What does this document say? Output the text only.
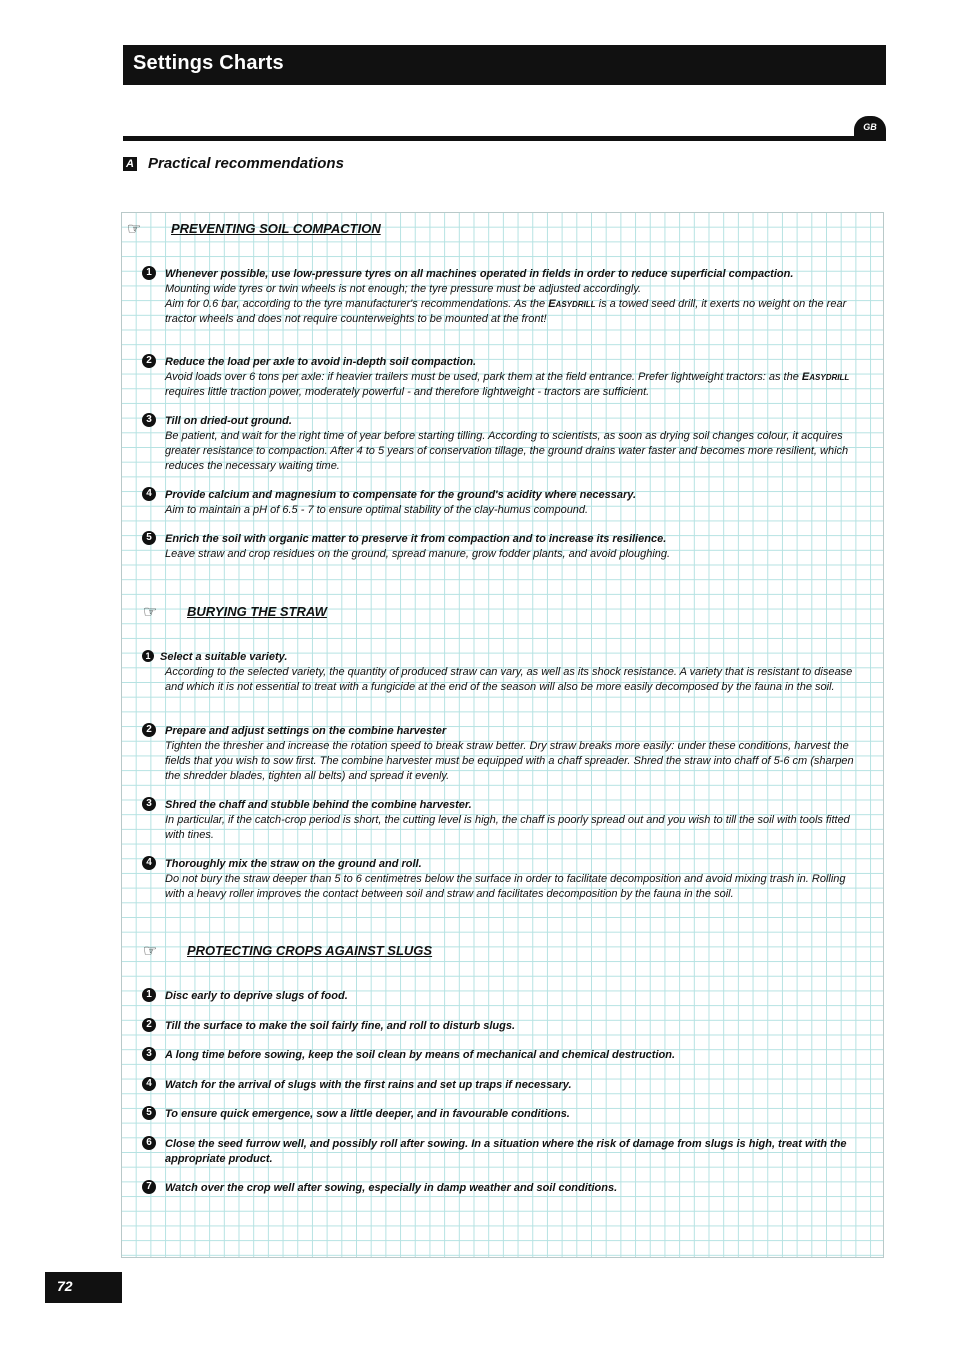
Settings Charts
GB
A Practical recommendations
☞ PREVENTING SOIL COMPACTION
1	Whenever possible, use low-pressure tyres on all machines operated in fields in order to reduce superficial compaction.
Mounting wide tyres or twin wheels is not enough; the tyre pressure must be adjusted accordingly.
Aim for 0.6 bar, according to the tyre manufacturer's recommendations. As the Easydrill is a towed seed drill, it exerts no weight on the rear tractor wheels and does not require counterweights to be mounted at the front!
2	Reduce the load per axle to avoid in-depth soil compaction.
Avoid loads over 6 tons per axle: if heavier trailers must be used, park them at the field entrance. Prefer lightweight tractors: as the Easydrill requires little traction power, moderately powerful - and therefore lightweight - tractors are sufficient.
3	Till on dried-out ground.
Be patient, and wait for the right time of year before starting tilling. According to scientists, as soon as drying soil changes colour, it acquires greater resistance to compaction. After 4 to 5 years of conservation tillage, the ground drains water faster and becomes more resilient, which reduces the necessary waiting time.
4	Provide calcium and magnesium to compensate for the ground's acidity where necessary.
Aim to maintain a pH of 6.5 - 7 to ensure optimal stability of the clay-humus compound.
5	Enrich the soil with organic matter to preserve it from compaction and to increase its resilience.
Leave straw and crop residues on the ground, spread manure, grow fodder plants, and avoid ploughing.
☞ BURYING THE STRAW
1 Select a suitable variety.
According to the selected variety, the quantity of produced straw can vary, as well as its shock resistance. A variety that is resistant to disease and which it is not essential to treat with a fungicide at the end of the season will also be more easily decomposed by the fauna in the soil.
2	Prepare and adjust settings on the combine harvester
Tighten the thresher and increase the rotation speed to break straw better. Dry straw breaks more easily: under these conditions, harvest the fields that you wish to sow first. The combine harvester must be equipped with a chaff spreader. Shred the straw into chaff of 5-6 cm (sharpen the shredder blades, tighten all belts) and spread it evenly.
3	Shred the chaff and stubble behind the combine harvester.
In particular, if the catch-crop period is short, the cutting level is high, the chaff is poorly spread out and you wish to till the soil with tools fitted with tines.
4	Thoroughly mix the straw on the ground and roll.
Do not bury the straw deeper than 5 to 6 centimetres below the surface in order to facilitate decomposition and avoid mixing trash in. Rolling with a heavy roller improves the contact between soil and straw and facilitates decomposition by the fauna in the soil.
☞ PROTECTING CROPS AGAINST SLUGS
1	Disc early to deprive slugs of food.
2	Till the surface to make the soil fairly fine, and roll to disturb slugs.
3	A long time before sowing, keep the soil clean by means of mechanical and chemical destruction.
4	Watch for the arrival of slugs with the first rains and set up traps if necessary.
5	To ensure quick emergence, sow a little deeper, and in favourable conditions.
6	Close the seed furrow well, and possibly roll after sowing. In a situation where the risk of damage from slugs is high, treat with the appropriate product.
7	Watch over the crop well after sowing, especially in damp weather and soil conditions.
72
